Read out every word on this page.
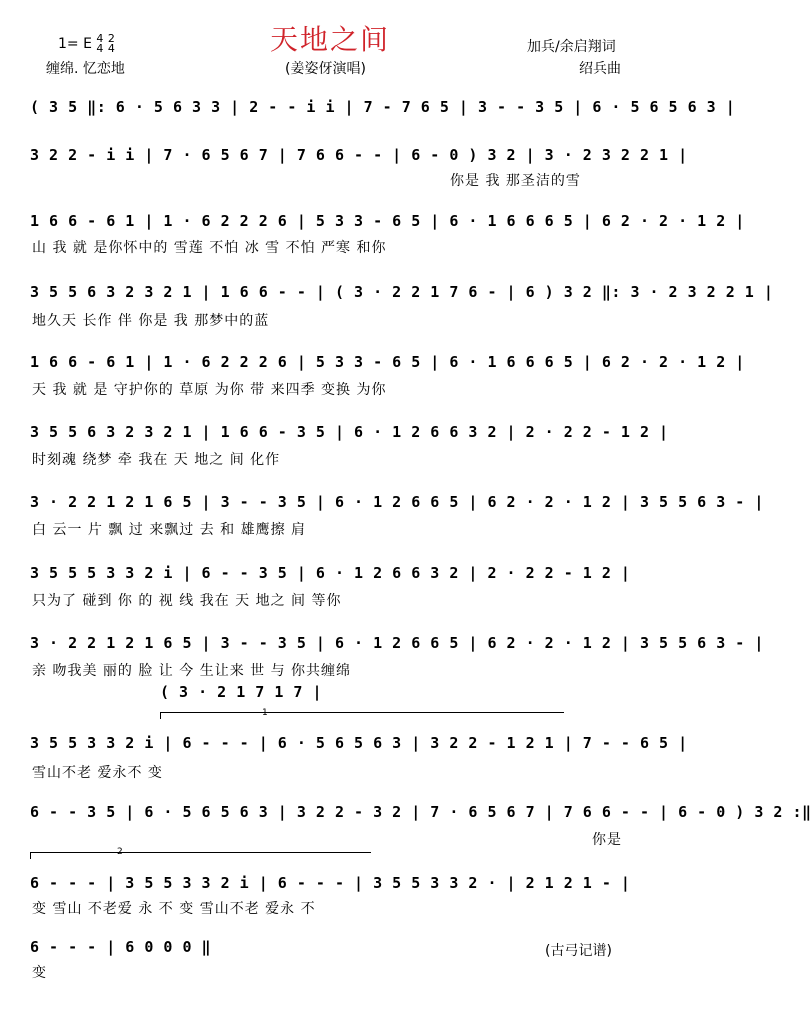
天地之间
1= E 4
4 2
4
缠绵. 忆恋地	(姜姿伢演唱)
加兵/余启翔词
绍兵曲
( 3 5 ‖: 6 · 5 6 3 3 | 2 - - i i | 7 - 7 6 5 | 3 - - 3 5 | 6 · 5 6 5 6 3 |
3 2 2 - i i | 7 · 6 5 6 7 | 7 6 6 - - | 6 - 0 ) 3 2 | 3 · 2 3 2 2 1 |
你是 我 那圣洁的雪
1 6 6 - 6 1 | 1 · 6 2 2 2 6 | 5 3 3 - 6 5 | 6 · 1 6 6 6 5 | 6 2 · 2 · 1 2 |
山 我 就 是你怀中的 雪莲 不怕 冰 雪 不怕 严寒 和你
3 5 5 6 3 2 3 2 1 | 1 6 6 - - | ( 3 · 2 2 1 7 6 - | 6 ) 3 2 ‖: 3 · 2 3 2 2 1 |
地久天 长作 伴 你是 我 那梦中的蓝
1 6 6 - 6 1 | 1 · 6 2 2 2 6 | 5 3 3 - 6 5 | 6 · 1 6 6 6 5 | 6 2 · 2 · 1 2 |
天 我 就 是 守护你的 草原 为你 带 来四季 变换 为你
3 5 5 6 3 2 3 2 1 | 1 6 6 - 3 5 | 6 · 1 2 6 6 3 2 | 2 · 2 2 - 1 2 |
时刻魂 绕梦 牵 我在 天 地之 间 化作
3 · 2 2 1 2 1 6 5 | 3 - - 3 5 | 6 · 1 2 6 6 5 | 6 2 · 2 · 1 2 | 3 5 5 6 3 - |
白 云一 片 飘 过 来飘过 去 和 雄鹰擦 肩
3 5 5 5 3 3 2 i | 6 - - 3 5 | 6 · 1 2 6 6 3 2 | 2 · 2 2 - 1 2 |
只为了 碰到 你 的 视 线 我在 天 地之 间 等你
3 · 2 2 1 2 1 6 5 | 3 - - 3 5 | 6 · 1 2 6 6 5 | 6 2 · 2 · 1 2 | 3 5 5 6 3 - |
亲 吻我美 丽的 脸 让 今 生让来 世 与 你共缠绵
( 3 · 2 1 7 1 7 |
1
3 5 5 3 3 2 i | 6 - - - | 6 · 5 6 5 6 3 | 3 2 2 - 1 2 1 | 7 - - 6 5 |
雪山不老 爱永不 变
6 - - 3 5 | 6 · 5 6 5 6 3 | 3 2 2 - 3 2 | 7 · 6 5 6 7 | 7 6 6 - - | 6 - 0 ) 3 2 :‖
你是
2
6 - - - | 3 5 5 3 3 2 i | 6 - - - | 3 5 5 3 3 2 · | 2 1 2 1 - |
变 雪山 不老爱 永 不 变 雪山不老 爱永 不
6 - - - | 6 0 0 0 ‖
变
(古弓记谱)
